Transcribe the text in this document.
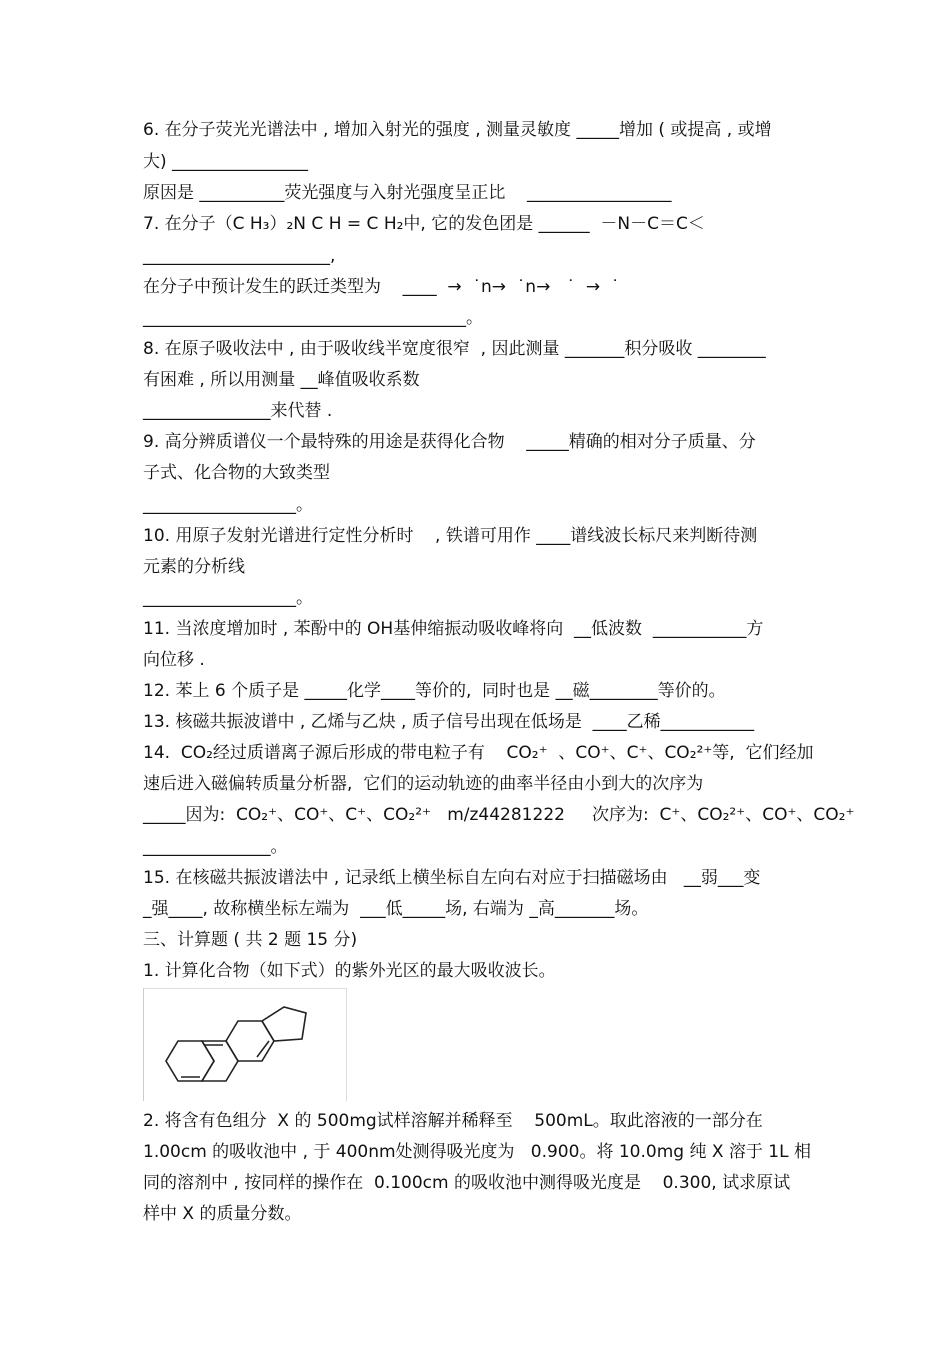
6. 在分子荧光光谱法中 , 增加入射光的强度 , 测量灵敏度 _____增加 ( 或提高 , 或增
大) ________________
原因是 __________荧光强度与入射光强度呈正比    _________________
7. 在分子（C H₃）₂N C H = C H₂中, 它的发色团是 ______  －N－C＝C＜
______________________,
在分子中预计发生的跃迁类型为    ____  →  ˙n→  ˙n→   ˙  →  ˙
______________________________________。
8. 在原子吸收法中 , 由于吸收线半宽度很窄  , 因此测量 _______积分吸收 ________
有困难 , 所以用测量 __峰值吸收系数
_______________来代替 .
9. 高分辨质谱仪一个最特殊的用途是获得化合物    _____精确的相对分子质量、分
子式、化合物的大致类型
__________________。
10. 用原子发射光谱进行定性分析时    , 铁谱可用作 ____谱线波长标尺来判断待测
元素的分析线
__________________。
11. 当浓度增加时 , 苯酚中的 OH基伸缩振动吸收峰将向  __低波数  ___________方
向位移 .
12. 苯上 6 个质子是 _____化学____等价的,  同时也是 __磁________等价的。
13. 核磁共振波谱中 , 乙烯与乙炔 , 质子信号出现在低场是  ____乙稀___________
14.  CO₂经过质谱离子源后形成的带电粒子有    CO₂⁺  、CO⁺、C⁺、CO₂²⁺等,  它们经加
速后进入磁偏转质量分析器,  它们的运动轨迹的曲率半径由小到大的次序为
_____因为:  CO₂⁺、CO⁺、C⁺、CO₂²⁺   m/z44281222     次序为:  C⁺、CO₂²⁺、CO⁺、CO₂⁺
_______________。
15. 在核磁共振波谱法中 , 记录纸上横坐标自左向右对应于扫描磁场由   __弱___变
_强____, 故称横坐标左端为  ___低_____场, 右端为 _高_______场。
三、计算题 ( 共 2 题 15 分)
1. 计算化合物（如下式）的紫外光区的最大吸收波长。
2. 将含有色组分  X 的 500mg试样溶解并稀释至    500mL。取此溶液的一部分在
1.00cm 的吸收池中 , 于 400nm处测得吸光度为   0.900。将 10.0mg 纯 X 溶于 1L 相
同的溶剂中 , 按同样的操作在  0.100cm 的吸收池中测得吸光度是    0.300, 试求原试
样中 X 的质量分数。
